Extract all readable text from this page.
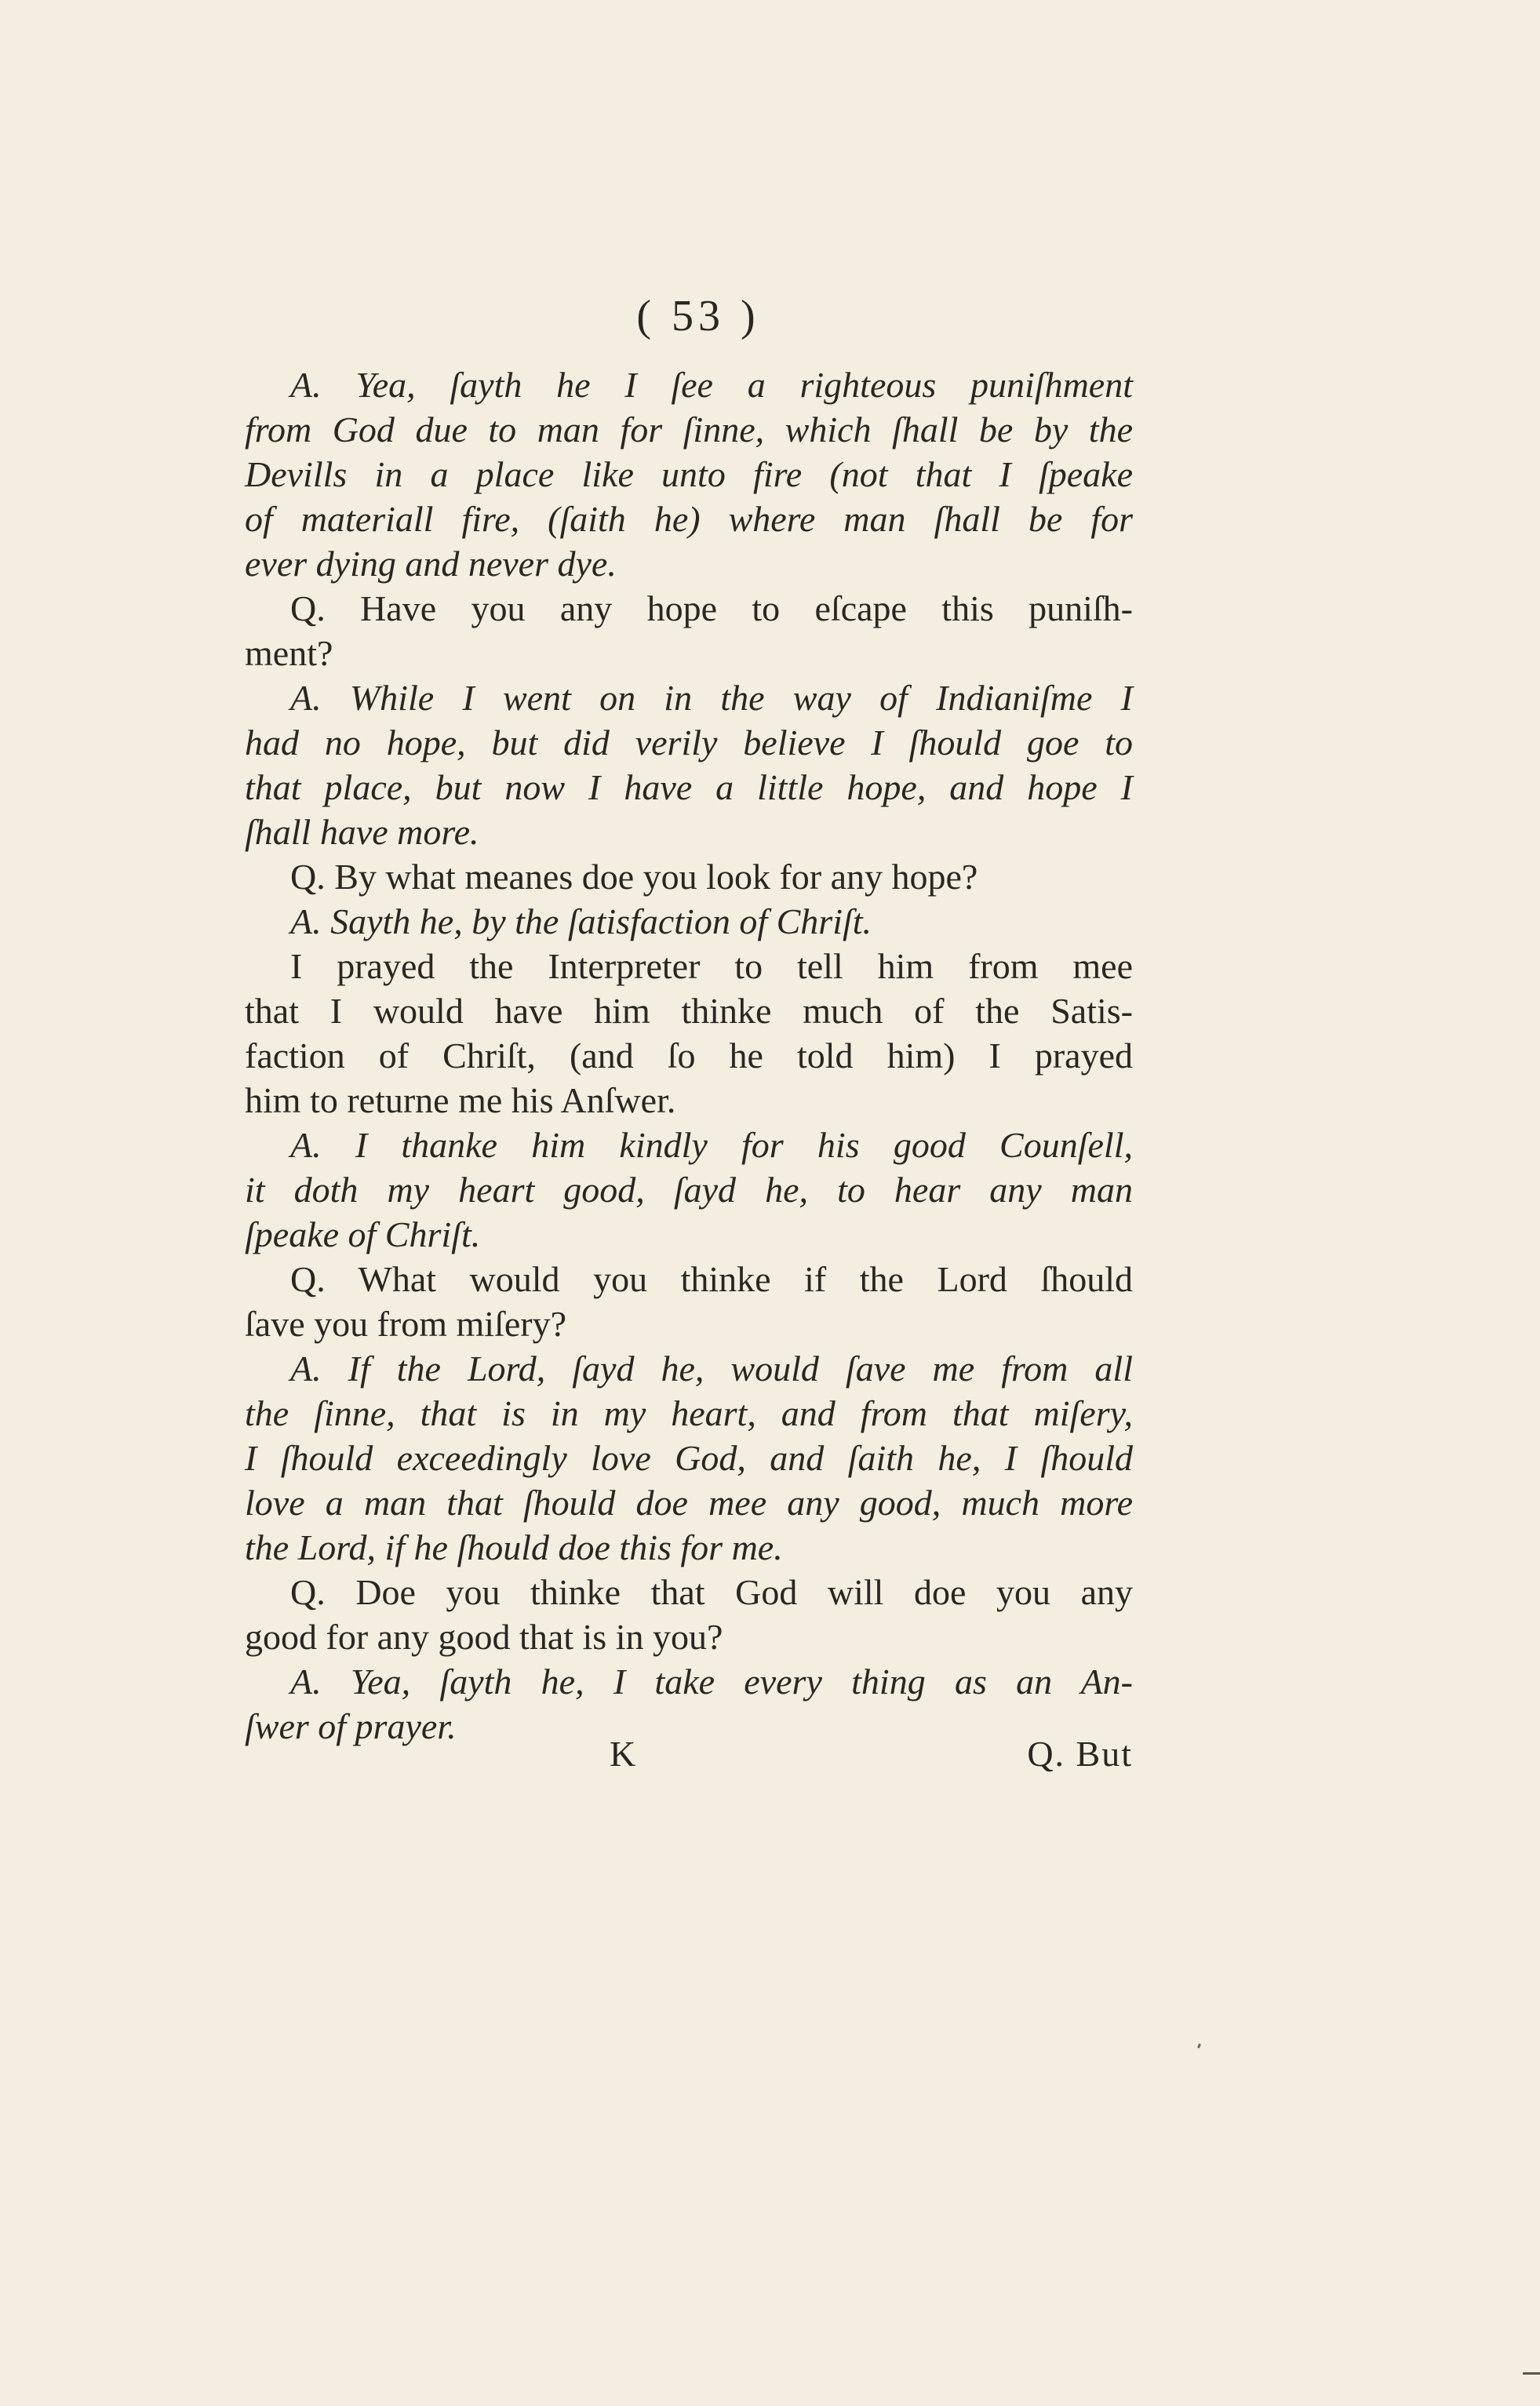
( 53 )
A. Yea, ſayth he I ſee a righteous puniſhment
from God due to man for ſinne, which ſhall be by the
Devills in a place like unto fire (not that I ſpeake
of materiall fire, (ſaith he) where man ſhall be for
ever dying and never dye.
Q. Have you any hope to eſcape this puniſh-
ment?
A. While I went on in the way of Indianiſme I
had no hope, but did verily believe I ſhould goe to
that place, but now I have a little hope, and hope I
ſhall have more.
Q. By what meanes doe you look for any hope?
A. Sayth he, by the ſatisfaction of Chriſt.
I prayed the Interpreter to tell him from mee
that I would have him thinke much of the Satis-
faction of Chriſt, (and ſo he told him) I prayed
him to returne me his Anſwer.
A. I thanke him kindly for his good Counſell,
it doth my heart good, ſayd he, to hear any man
ſpeake of Chriſt.
Q. What would you thinke if the Lord ſhould
ſave you from miſery?
A. If the Lord, ſayd he, would ſave me from all
the ſinne, that is in my heart, and from that miſery,
I ſhould exceedingly love God, and ſaith he, I ſhould
love a man that ſhould doe mee any good, much more
the Lord, if he ſhould doe this for me.
Q. Doe you thinke that God will doe you any
good for any good that is in you?
A. Yea, ſayth he, I take every thing as an An-
ſwer of prayer.
K	Q. But
